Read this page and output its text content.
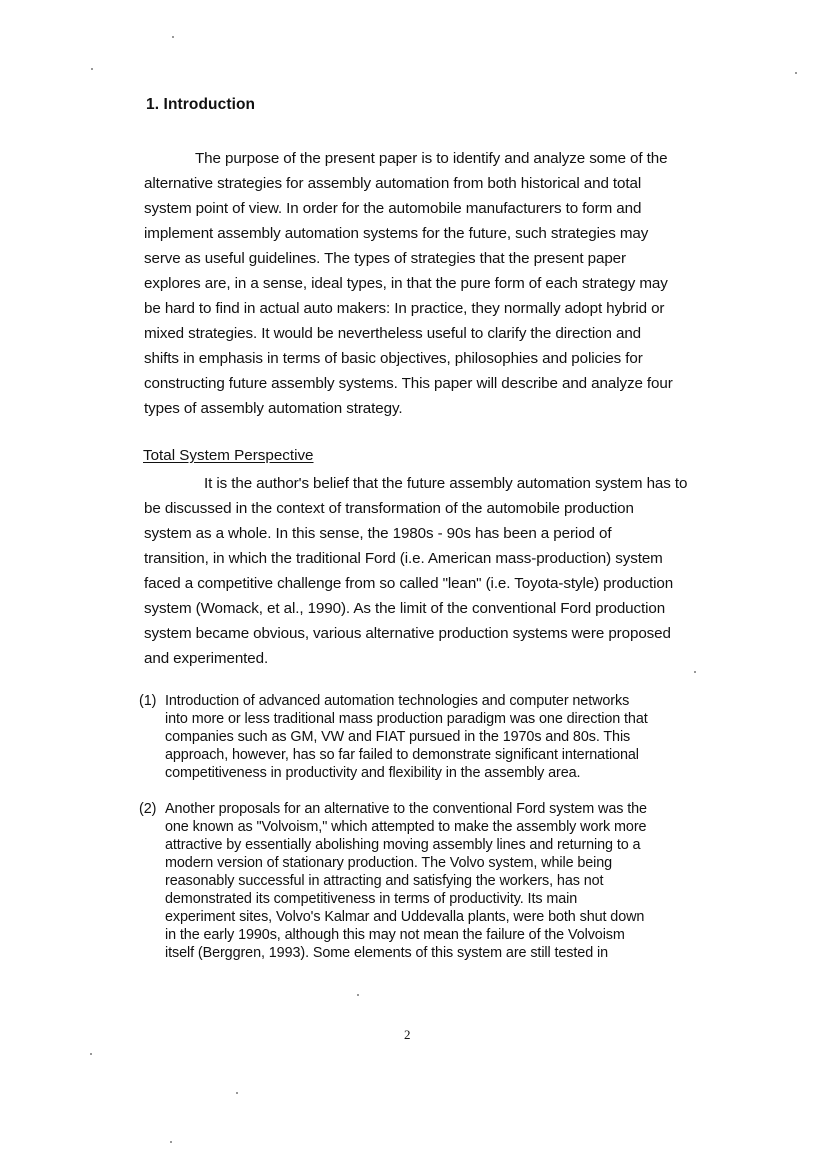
1. Introduction
The purpose of the present paper is to identify and analyze some of the
alternative strategies for assembly automation from both historical and total
system point of view. In order for the automobile manufacturers to form and
implement assembly automation systems for the future, such strategies may
serve as useful guidelines. The types of strategies that the present paper
explores are, in a sense, ideal types, in that the pure form of each strategy may
be hard to find in actual auto makers: In practice, they normally adopt hybrid or
mixed strategies. It would be nevertheless useful to clarify the direction and
shifts in emphasis in terms of basic objectives, philosophies and policies for
constructing future assembly systems. This paper will describe and analyze four
types of assembly automation strategy.
Total System Perspective
It is the author's belief that the future assembly automation system has to
be discussed in the context of transformation of the automobile production
system as a whole. In this sense, the 1980s - 90s has been a period of
transition, in which the traditional Ford (i.e. American mass-production) system
faced a competitive challenge from so called "lean" (i.e. Toyota-style) production
system (Womack, et al., 1990). As the limit of the conventional Ford production
system became obvious, various alternative production systems were proposed
and experimented.
(1) Introduction of advanced automation technologies and computer networks
into more or less traditional mass production paradigm was one direction that
companies such as GM, VW and FIAT pursued in the 1970s and 80s. This
approach, however, has so far failed to demonstrate significant international
competitiveness in productivity and flexibility in the assembly area.
(2) Another proposals for an alternative to the conventional Ford system was the
one known as "Volvoism," which attempted to make the assembly work more
attractive by essentially abolishing moving assembly lines and returning to a
modern version of stationary production. The Volvo system, while being
reasonably successful in attracting and satisfying the workers, has not
demonstrated its competitiveness in terms of productivity. Its main
experiment sites, Volvo's Kalmar and Uddevalla plants, were both shut down
in the early 1990s, although this may not mean the failure of the Volvoism
itself (Berggren, 1993). Some elements of this system are still tested in
2
